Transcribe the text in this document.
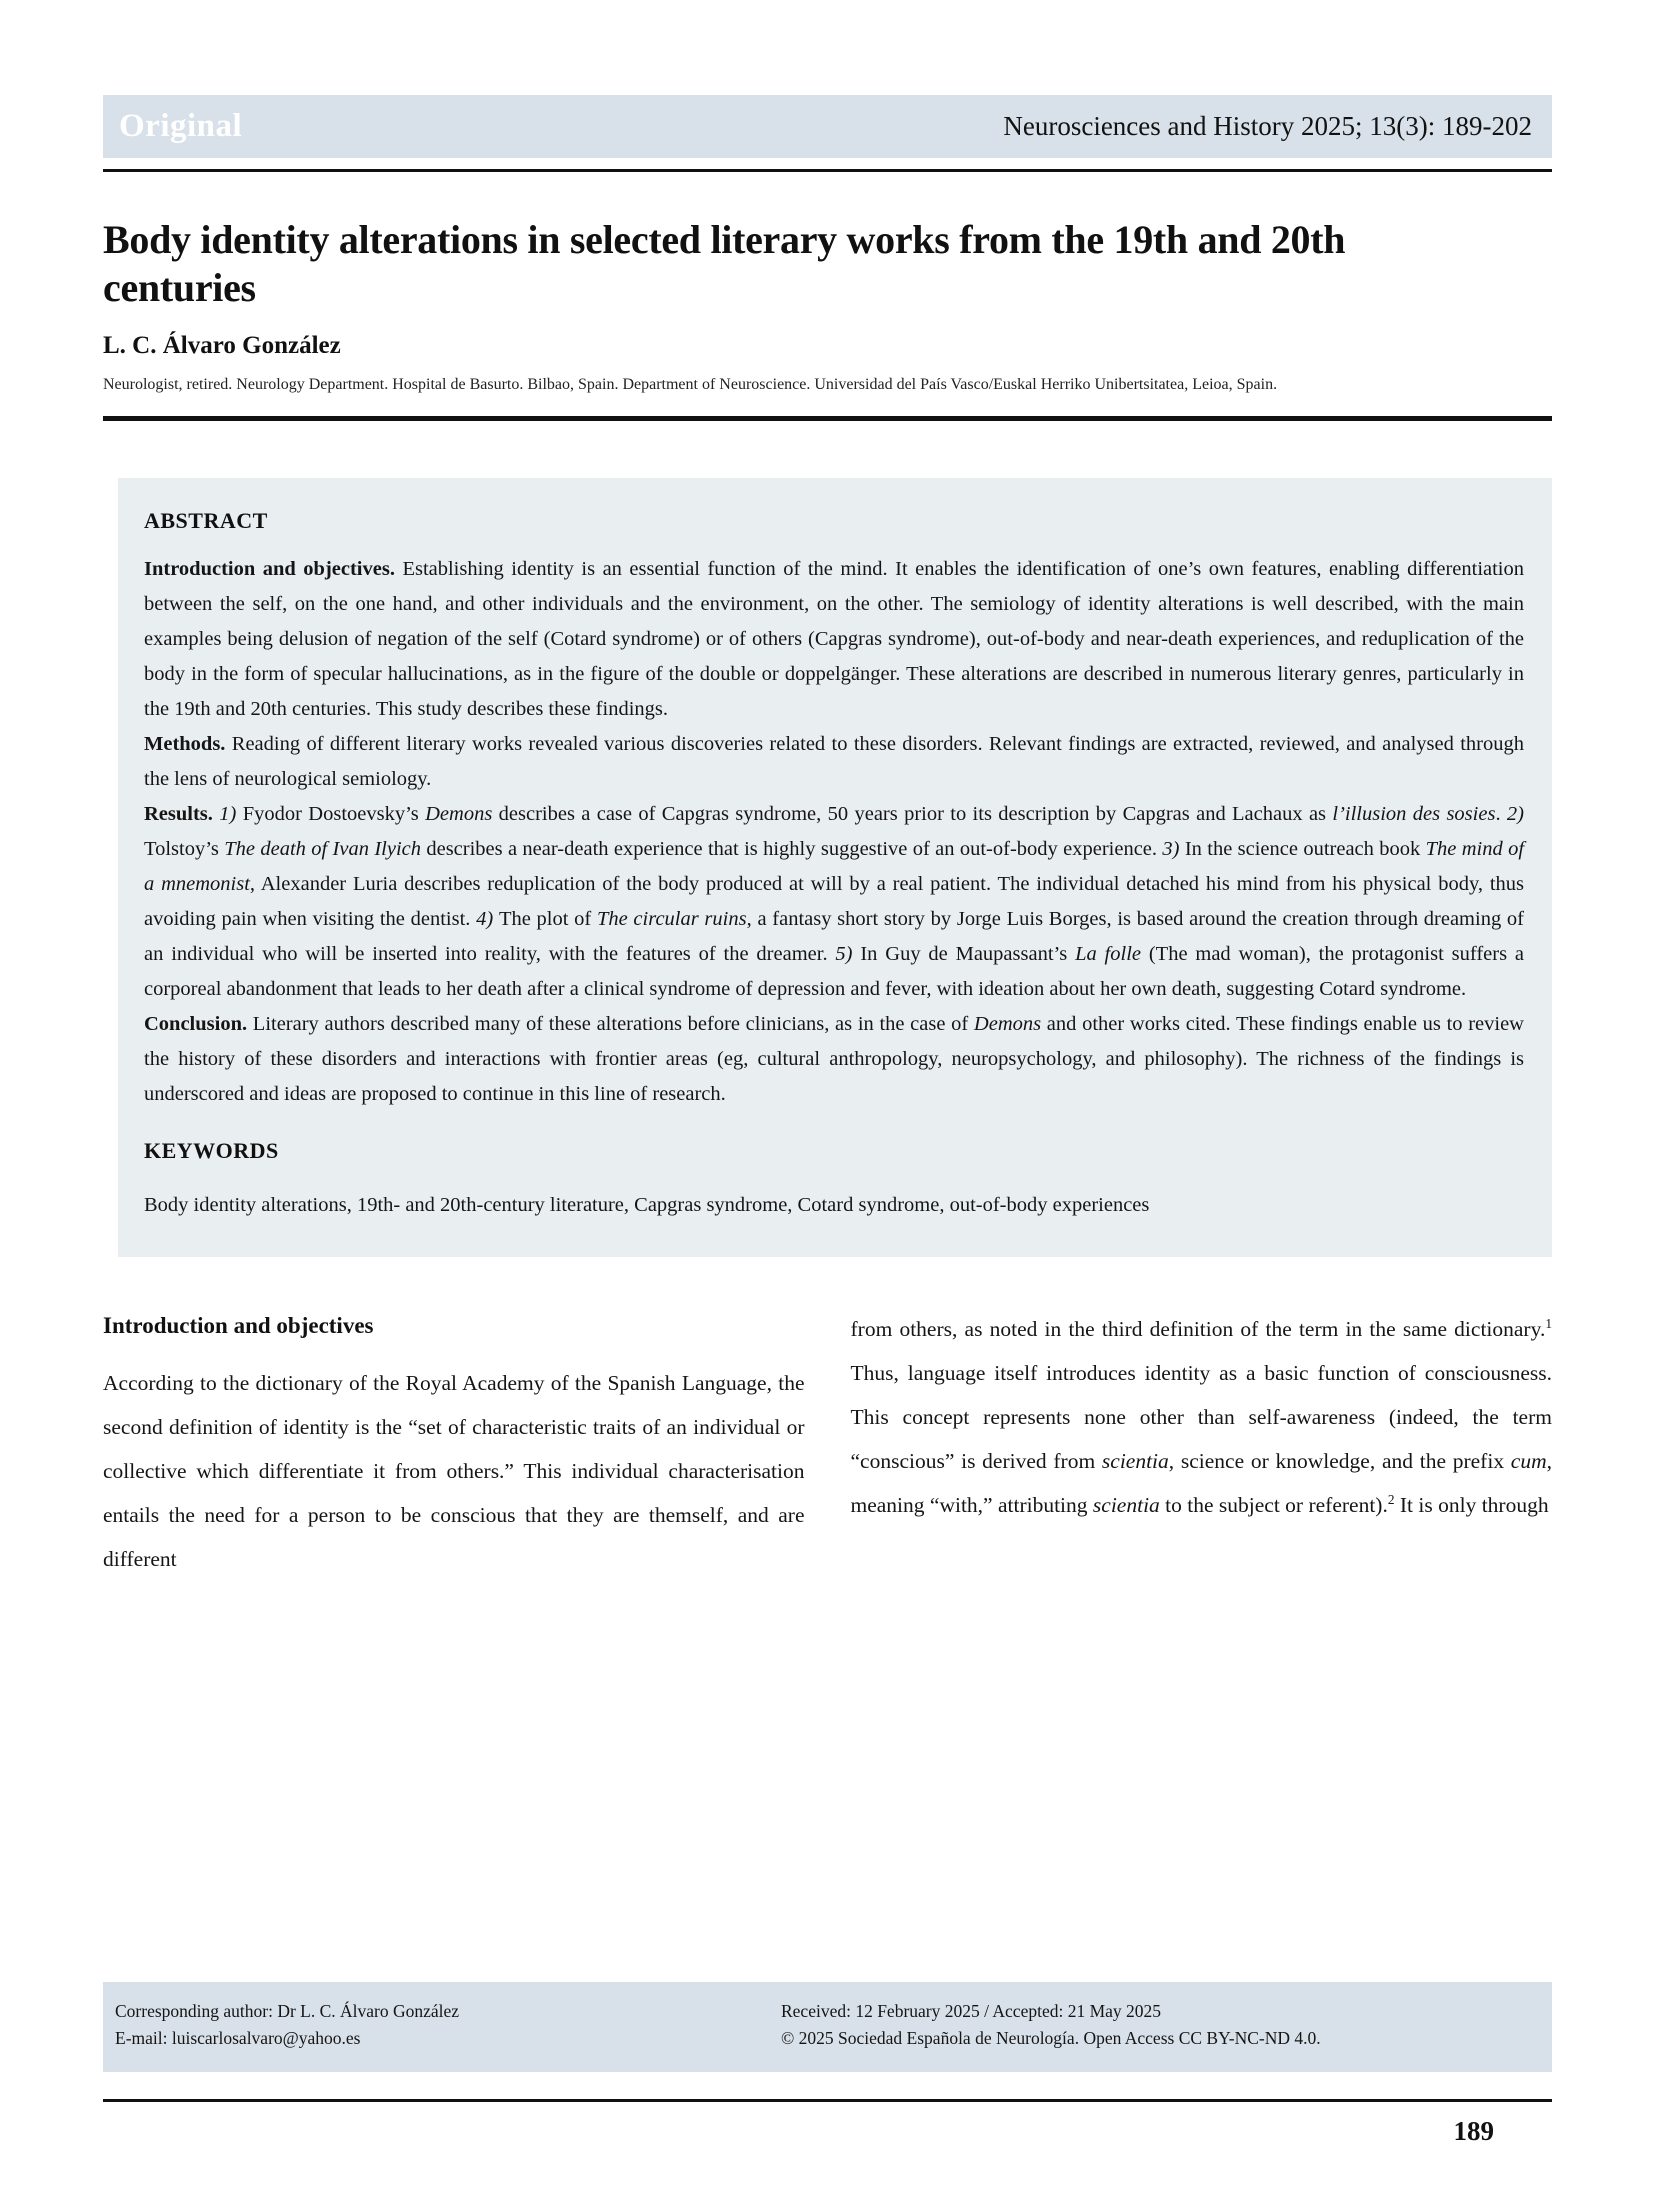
Original	Neurosciences and History 2025; 13(3): 189-202
Body identity alterations in selected literary works from the 19th and 20th centuries
L. C. Álvaro González
Neurologist, retired. Neurology Department. Hospital de Basurto. Bilbao, Spain. Department of Neuroscience. Universidad del País Vasco/Euskal Herriko Unibertsitatea, Leioa, Spain.
ABSTRACT

Introduction and objectives. Establishing identity is an essential function of the mind. It enables the identification of one’s own features, enabling differentiation between the self, on the one hand, and other individuals and the environment, on the other. The semiology of identity alterations is well described, with the main examples being delusion of negation of the self (Cotard syndrome) or of others (Capgras syndrome), out-of-body and near-death experiences, and reduplication of the body in the form of specular hallucinations, as in the figure of the double or doppelgänger. These alterations are described in numerous literary genres, particularly in the 19th and 20th centuries. This study describes these findings.

Methods. Reading of different literary works revealed various discoveries related to these disorders. Relevant findings are extracted, reviewed, and analysed through the lens of neurological semiology.

Results. 1) Fyodor Dostoevsky’s Demons describes a case of Capgras syndrome, 50 years prior to its description by Capgras and Lachaux as l’illusion des sosies. 2) Tolstoy’s The death of Ivan Ilyich describes a near-death experience that is highly suggestive of an out-of-body experience. 3) In the science outreach book The mind of a mnemonist, Alexander Luria describes reduplication of the body produced at will by a real patient. The individual detached his mind from his physical body, thus avoiding pain when visiting the dentist. 4) The plot of The circular ruins, a fantasy short story by Jorge Luis Borges, is based around the creation through dreaming of an individual who will be inserted into reality, with the features of the dreamer. 5) In Guy de Maupassant’s La folle (The mad woman), the protagonist suffers a corporeal abandonment that leads to her death after a clinical syndrome of depression and fever, with ideation about her own death, suggesting Cotard syndrome.

Conclusion. Literary authors described many of these alterations before clinicians, as in the case of Demons and other works cited. These findings enable us to review the history of these disorders and interactions with frontier areas (eg, cultural anthropology, neuropsychology, and philosophy). The richness of the findings is underscored and ideas are proposed to continue in this line of research.

KEYWORDS

Body identity alterations, 19th- and 20th-century literature, Capgras syndrome, Cotard syndrome, out-of-body experiences

Introduction and objectives

According to the dictionary of the Royal Academy of the Spanish Language, the second definition of identity is the “set of characteristic traits of an individual or collective which differentiate it from others.” This individual characterisation entails the need for a person to be conscious that they are themself, and are different

from others, as noted in the third definition of the term in the same dictionary.$^1$ Thus, language itself introduces identity as a basic function of consciousness. This concept represents none other than self-awareness (indeed, the term “conscious” is derived from scientia, science or knowledge, and the prefix cum, meaning “with,” attributing scientia to the subject or referent).$^2$ It is only through

Corresponding author: Dr L. C. Álvaro González
E-mail: luiscarlosalvaro@yahoo.es
Received: 12 February 2025 / Accepted: 21 May 2025
© 2025 Sociedad Española de Neurología. Open Access CC BY-NC-ND 4.0.
189
